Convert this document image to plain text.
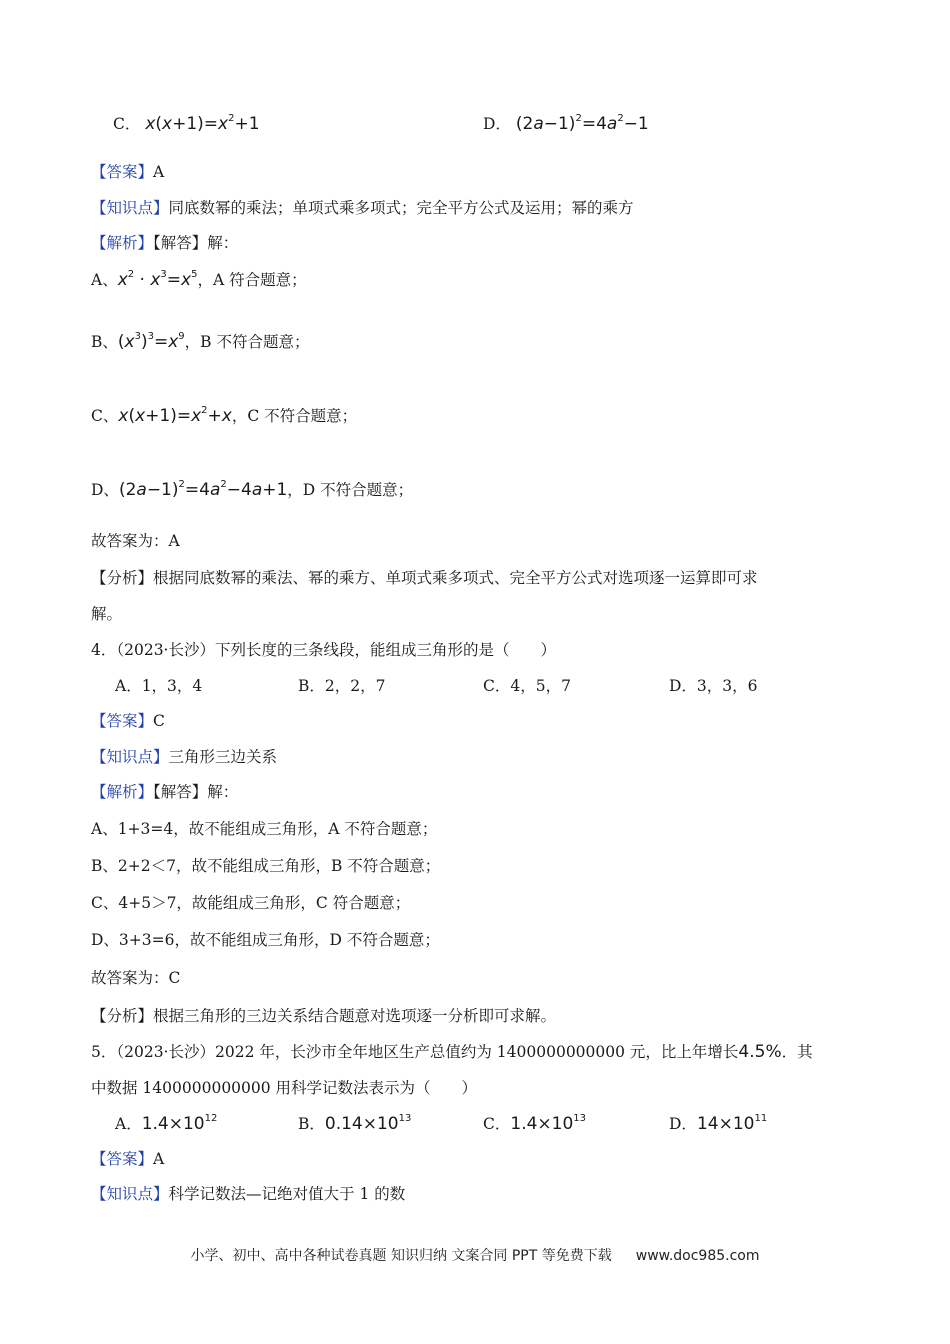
C． $x(x+1)=x^2+1$	D． $(2a-1)^2=4a^2-1$
【答案】A
【知识点】同底数幂的乘法；单项式乘多项式；完全平方公式及运用；幂的乘方
【解析】【解答】解：
A、$x^2 \cdot x^3=x^5$，A 符合题意；
B、$(x^3)^3=x^9$，B 不符合题意；
C、$x(x+1)=x^2+x$，C 不符合题意；
D、$(2a-1)^2=4a^2-4a+1$，D 不符合题意；
故答案为：A
【分析】根据同底数幂的乘法、幂的乘方、单项式乘多项式、完全平方公式对选项逐一运算即可求
解。
4．（2023·长沙）下列长度的三条线段，能组成三角形的是（　　）
A．1，3，4	B．2，2，7	C．4，5，7	D．3，3，6
【答案】C
【知识点】三角形三边关系
【解析】【解答】解：
A、1+3=4，故不能组成三角形，A 不符合题意；
B、2+2＜7，故不能组成三角形，B 不符合题意；
C、4+5＞7，故能组成三角形，C 符合题意；
D、3+3=6，故不能组成三角形，D 不符合题意；
故答案为：C
【分析】根据三角形的三边关系结合题意对选项逐一分析即可求解。
5．（2023·长沙）2022 年，长沙市全年地区生产总值约为 1400000000000 元，比上年增长4.5%．其
中数据 1400000000000 用科学记数法表示为（　　）
A．$1.4\times 10^{12}$	B．$0.14\times 10^{13}$	C．$1.4\times 10^{13}$	D．$14\times 10^{11}$
【答案】A
【知识点】科学记数法—记绝对值大于 1 的数
小学、初中、高中各种试卷真题 知识归纳 文案合同 PPT 等免费下载 www.doc985.com
